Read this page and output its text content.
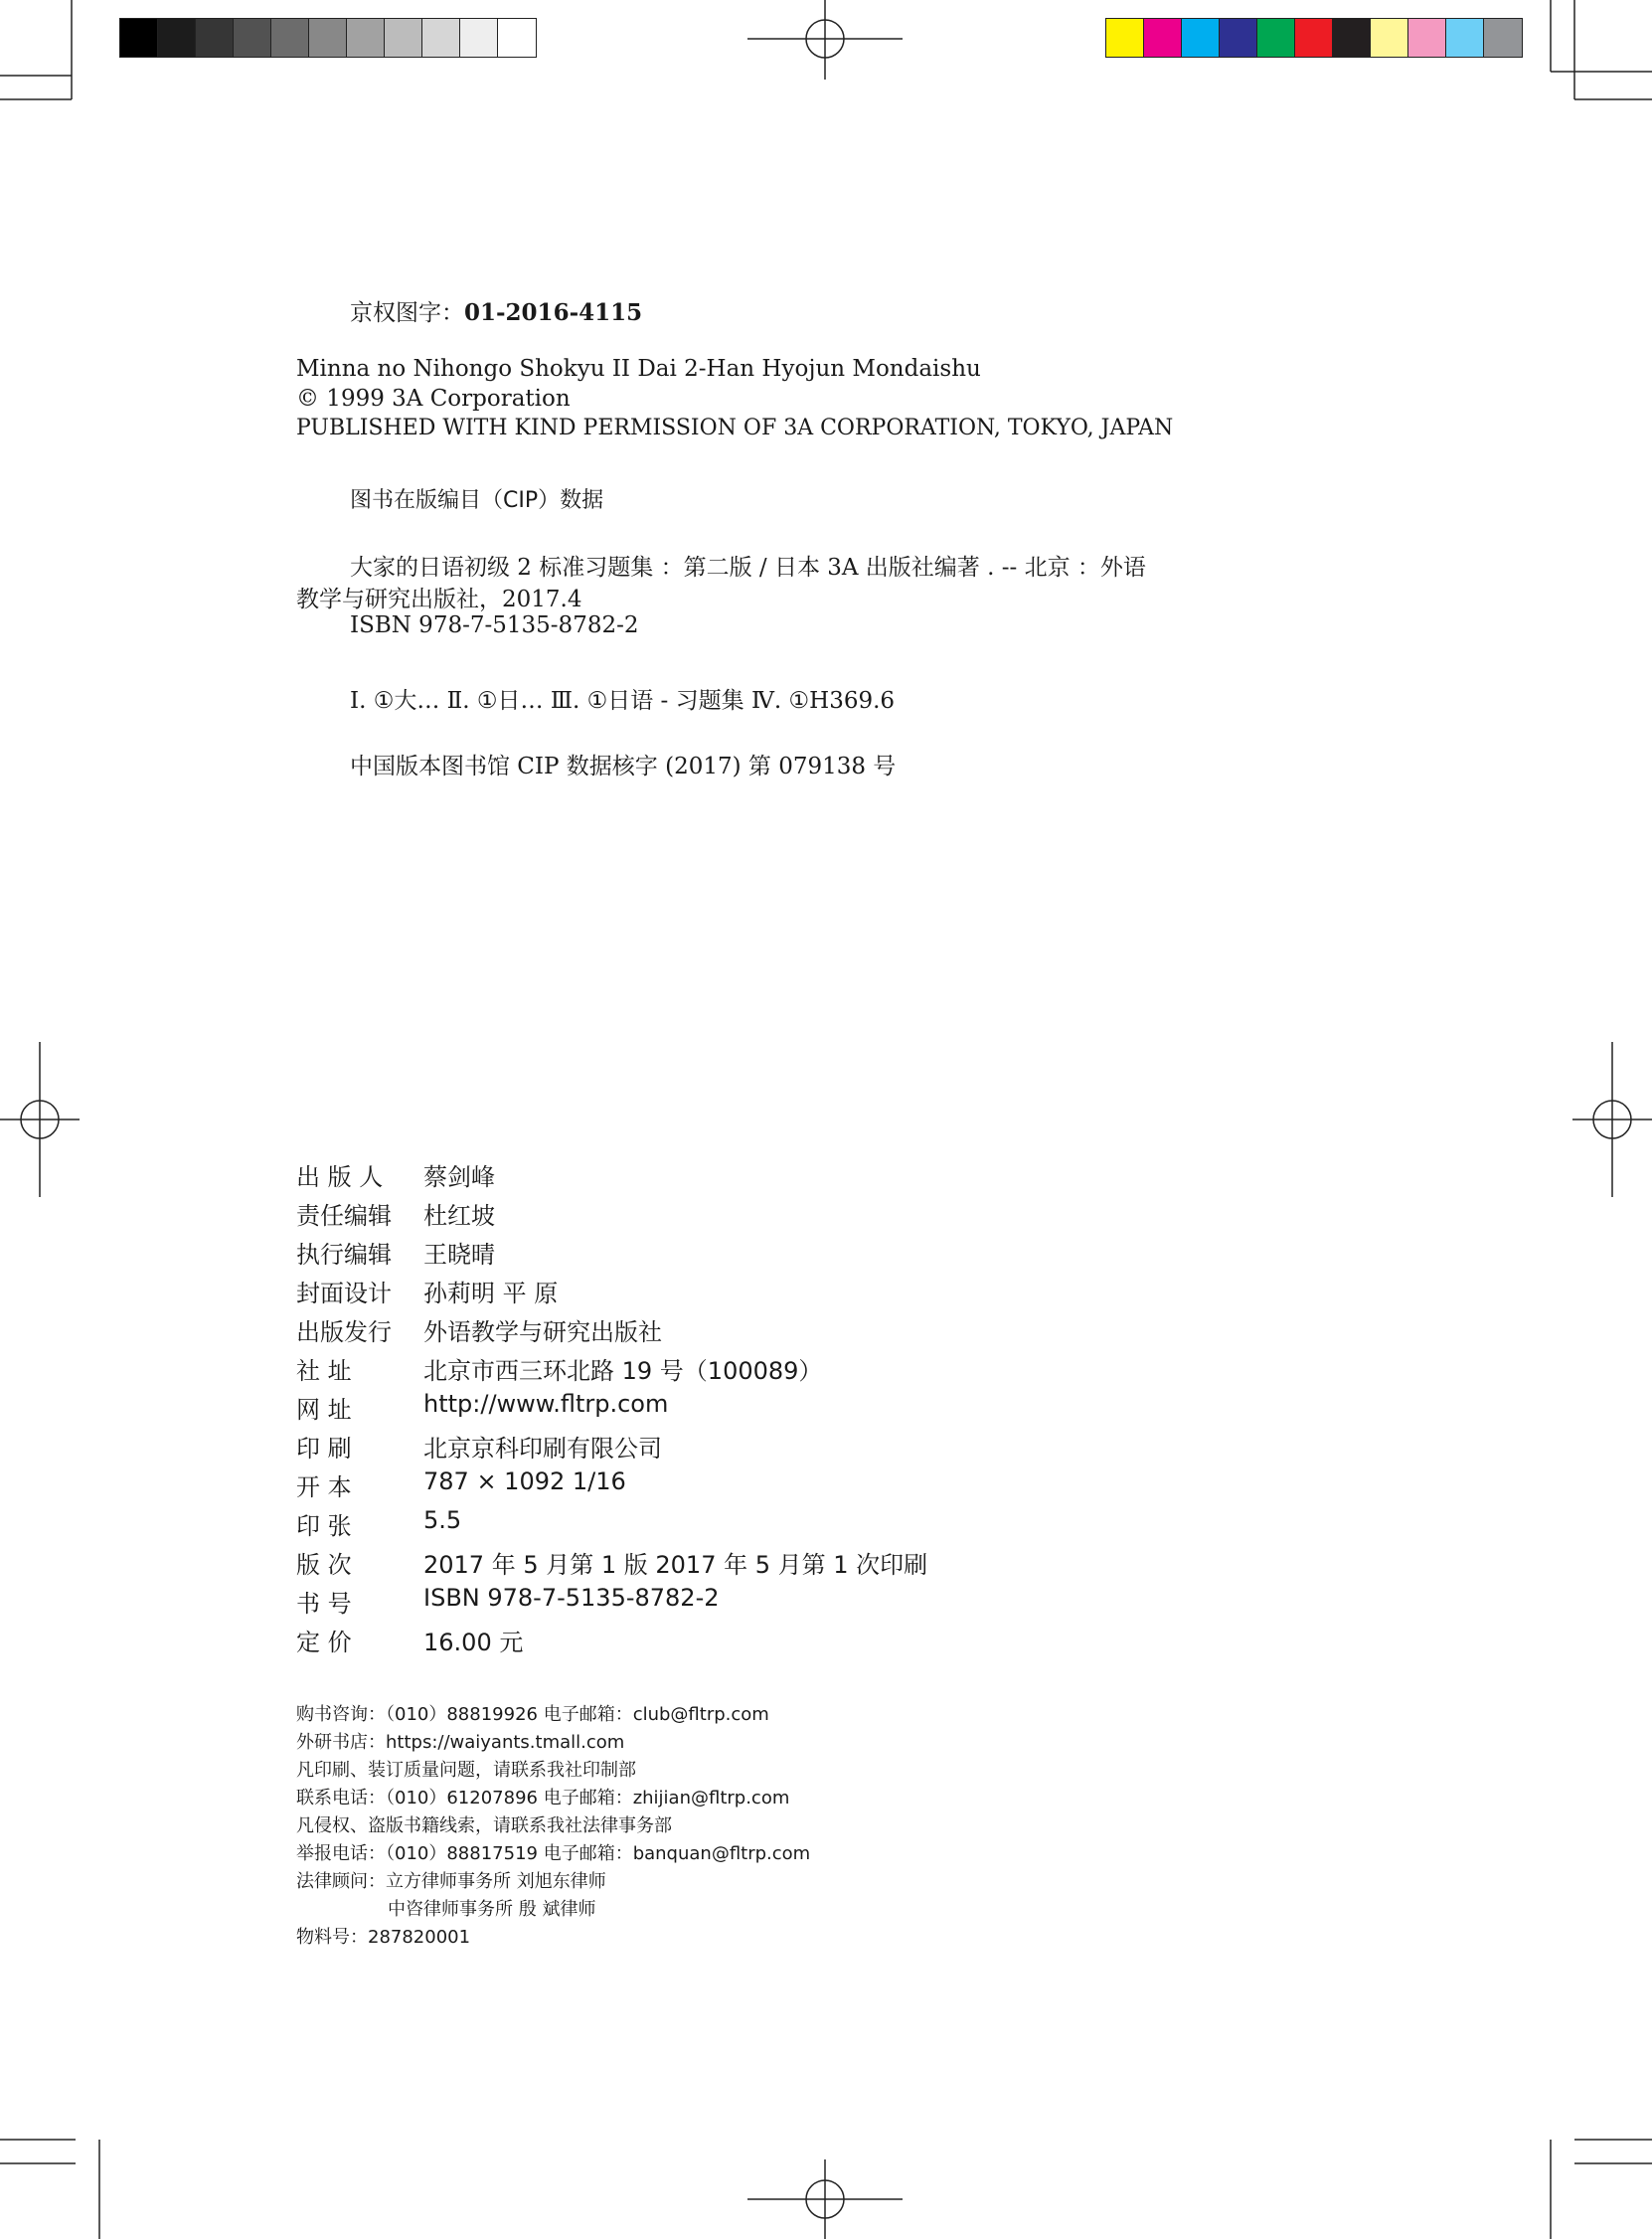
京权图字：01-2016-4115
Minna no Nihongo Shokyu II Dai 2-Han Hyojun Mondaishu
© 1999 3A Corporation
PUBLISHED WITH KIND PERMISSION OF 3A CORPORATION, TOKYO, JAPAN
图书在版编目（CIP）数据
大家的日语初级 2 标准习题集 ：第二版 / 日本 3A 出版社编著 . -- 北京 ：外语
教学与研究出版社，2017.4
ISBN 978-7-5135-8782-2
Ⅰ. ①大… Ⅱ. ①日… Ⅲ. ①日语 - 习题集 Ⅳ. ①H369.6
中国版本图书馆 CIP 数据核字 (2017) 第 079138 号
出 版 人	蔡剑峰
责任编辑	杜红坡
执行编辑	王晓晴
封面设计	孙莉明 平 原
出版发行	外语教学与研究出版社
社 址	北京市西三环北路 19 号（100089）
网 址	http://www.fltrp.com
印 刷	北京京科印刷有限公司
开 本	787 × 1092 1/16
印 张	5.5
版 次	2017 年 5 月第 1 版 2017 年 5 月第 1 次印刷
书 号	ISBN 978-7-5135-8782-2
定 价	16.00 元
购书咨询：（010）88819926 电子邮箱：club@fltrp.com
外研书店：https://waiyants.tmall.com
凡印刷、装订质量问题，请联系我社印制部
联系电话：（010）61207896 电子邮箱：zhijian@fltrp.com
凡侵权、盗版书籍线索，请联系我社法律事务部
举报电话：（010）88817519 电子邮箱：banquan@fltrp.com
法律顾问：立方律师事务所 刘旭东律师
中咨律师事务所 殷 斌律师
物料号：287820001
